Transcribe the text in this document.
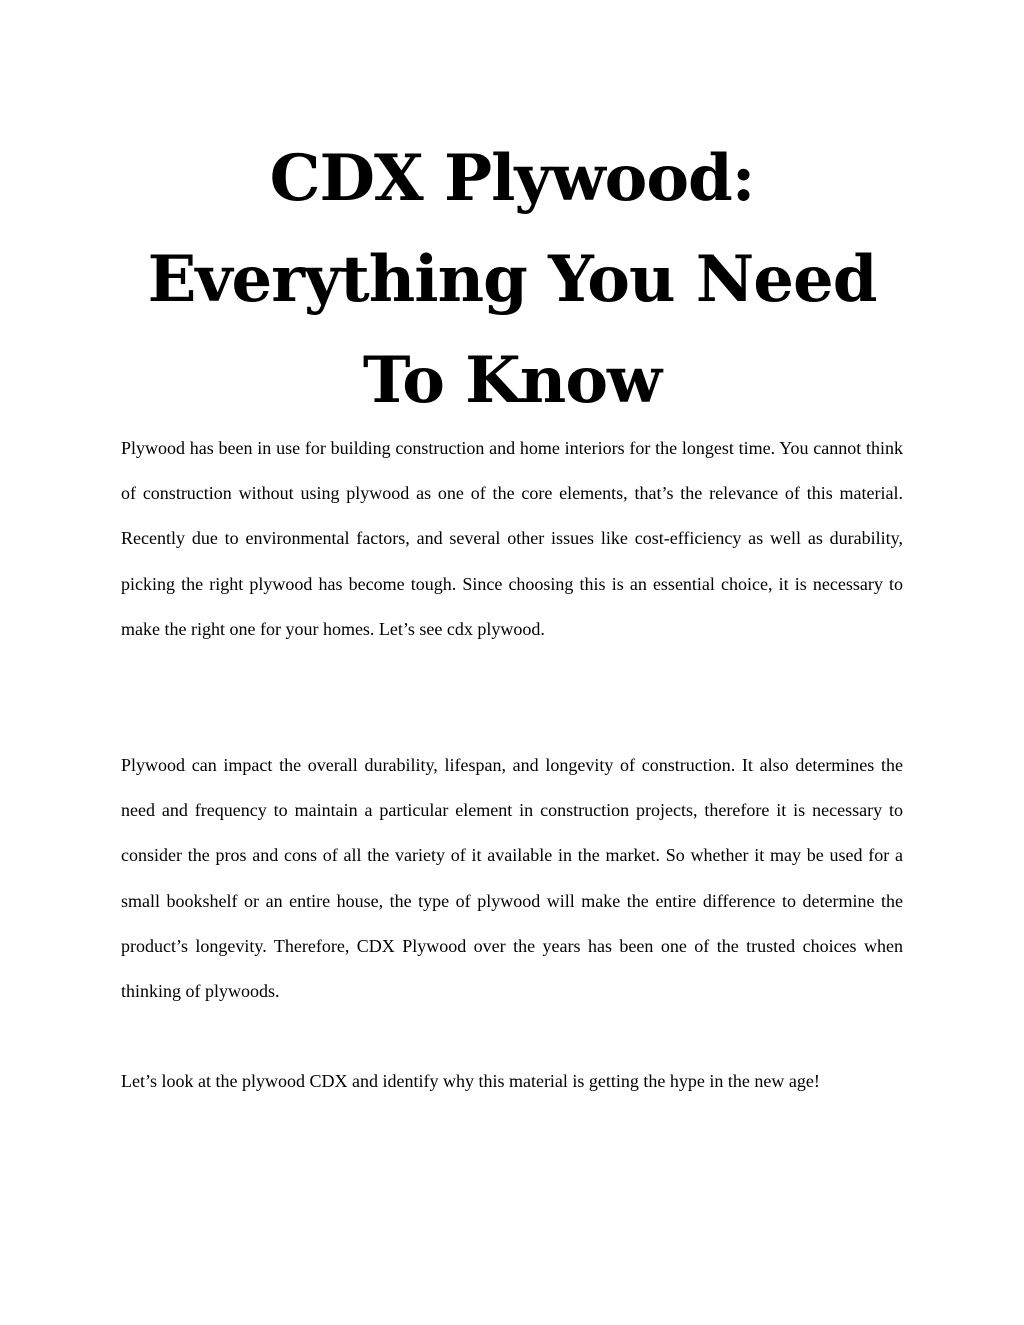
CDX Plywood: Everything You Need To Know

Plywood has been in use for building construction and home interiors for the longest time. You cannot think of construction without using plywood as one of the core elements, that’s the relevance of this material. Recently due to environmental factors, and several other issues like cost-efficiency as well as durability, picking the right plywood has become tough. Since choosing this is an essential choice, it is necessary to make the right one for your homes. Let’s see cdx plywood.

Plywood can impact the overall durability, lifespan, and longevity of construction. It also determines the need and frequency to maintain a particular element in construction projects, therefore it is necessary to consider the pros and cons of all the variety of it available in the market. So whether it may be used for a small bookshelf or an entire house, the type of plywood will make the entire difference to determine the product’s longevity. Therefore, CDX Plywood over the years has been one of the trusted choices when thinking of plywoods.

Let’s look at the plywood CDX and identify why this material is getting the hype in the new age!
